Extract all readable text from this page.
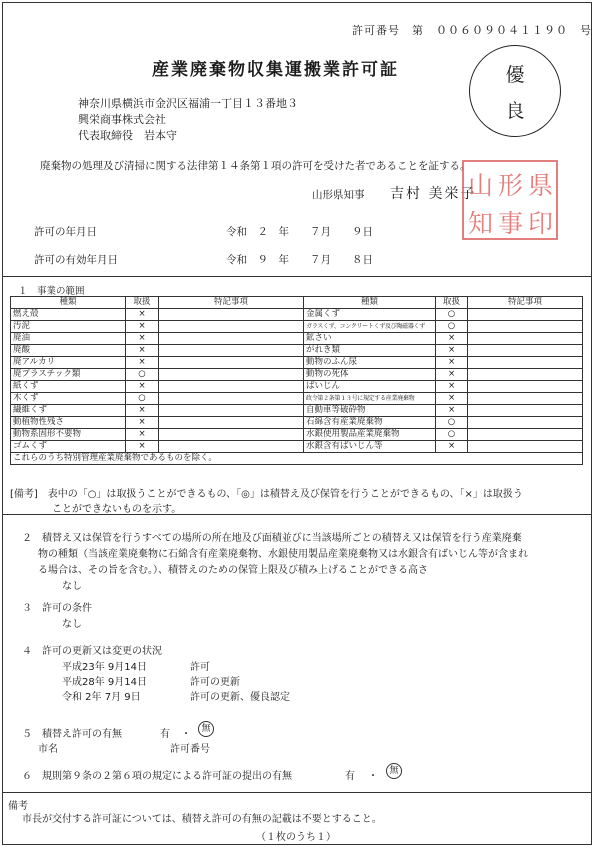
許可番号　第　００６０９０４１１９０　号
産業廃棄物収集運搬業許可証	優
良
神奈川県横浜市金沢区福浦一丁目１３番地３
興栄商事株式会社
代表取締役　岩本守
廃棄物の処理及び清掃に関する法律第１４条第１項の許可を受けた者であることを証する。
山形県知事 吉村 美栄子 県
形
山
印
事
知
許可の年月日	令和　２　年　　７月　　９日
許可の有効年月日	令和　９　年　　７月　　８日
１　事業の範囲
種類	取扱	特記事項	種類	取扱	特記事項
燃え殻	×		金属くず	○	
汚泥	×		ガラスくず、コンクリートくず及び陶磁器くず	○	
廃油	×		鉱さい	×	
廃酸	×		がれき類	×	
廃アルカリ	×		動物のふん尿	×	
廃プラスチック類	○		動物の死体	×	
紙くず	×		ばいじん	×	
木くず	○		政令第２条第１３号に規定する産業廃棄物	×	
繊維くず	×		自動車等破砕物	×	
動植物性残さ	×		石綿含有産業廃棄物	○	
動物系固形不要物	×		水銀使用製品産業廃棄物	○	
ゴムくず	×		水銀含有ばいじん等	×	
これらのうち特別管理産業廃棄物であるものを除く。					
[備考]　表中の「○」は取扱うことができるもの、「◎」は積替え及び保管を行うことができるもの、「×」は取扱う
ことができないものを示す。
２　積替え又は保管を行うすべての場所の所在地及び面積並びに当該場所ごとの積替え又は保管を行う産業廃棄
物の種類（当該産業廃棄物に石綿含有産業廃棄物、水銀使用製品産業廃棄物又は水銀含有ばいじん等が含まれ
る場合は、その旨を含む。）、積替えのための保管上限及び積み上げることができる高さ
なし
３　許可の条件
なし
４　許可の更新又は変更の状況
平成23年 9月14日	許可
平成28年 9月14日	許可の更新
令和 2年 7月 9日	許可の更新、優良認定
５　積替え許可の有無	有 ・	無
市名	許可番号
６　規則第９条の２第６項の規定による許可証の提出の有無	有 ・	無
備考
市長が交付する許可証については、積替え許可の有無の記載は不要とすること。
（１枚のうち１）
